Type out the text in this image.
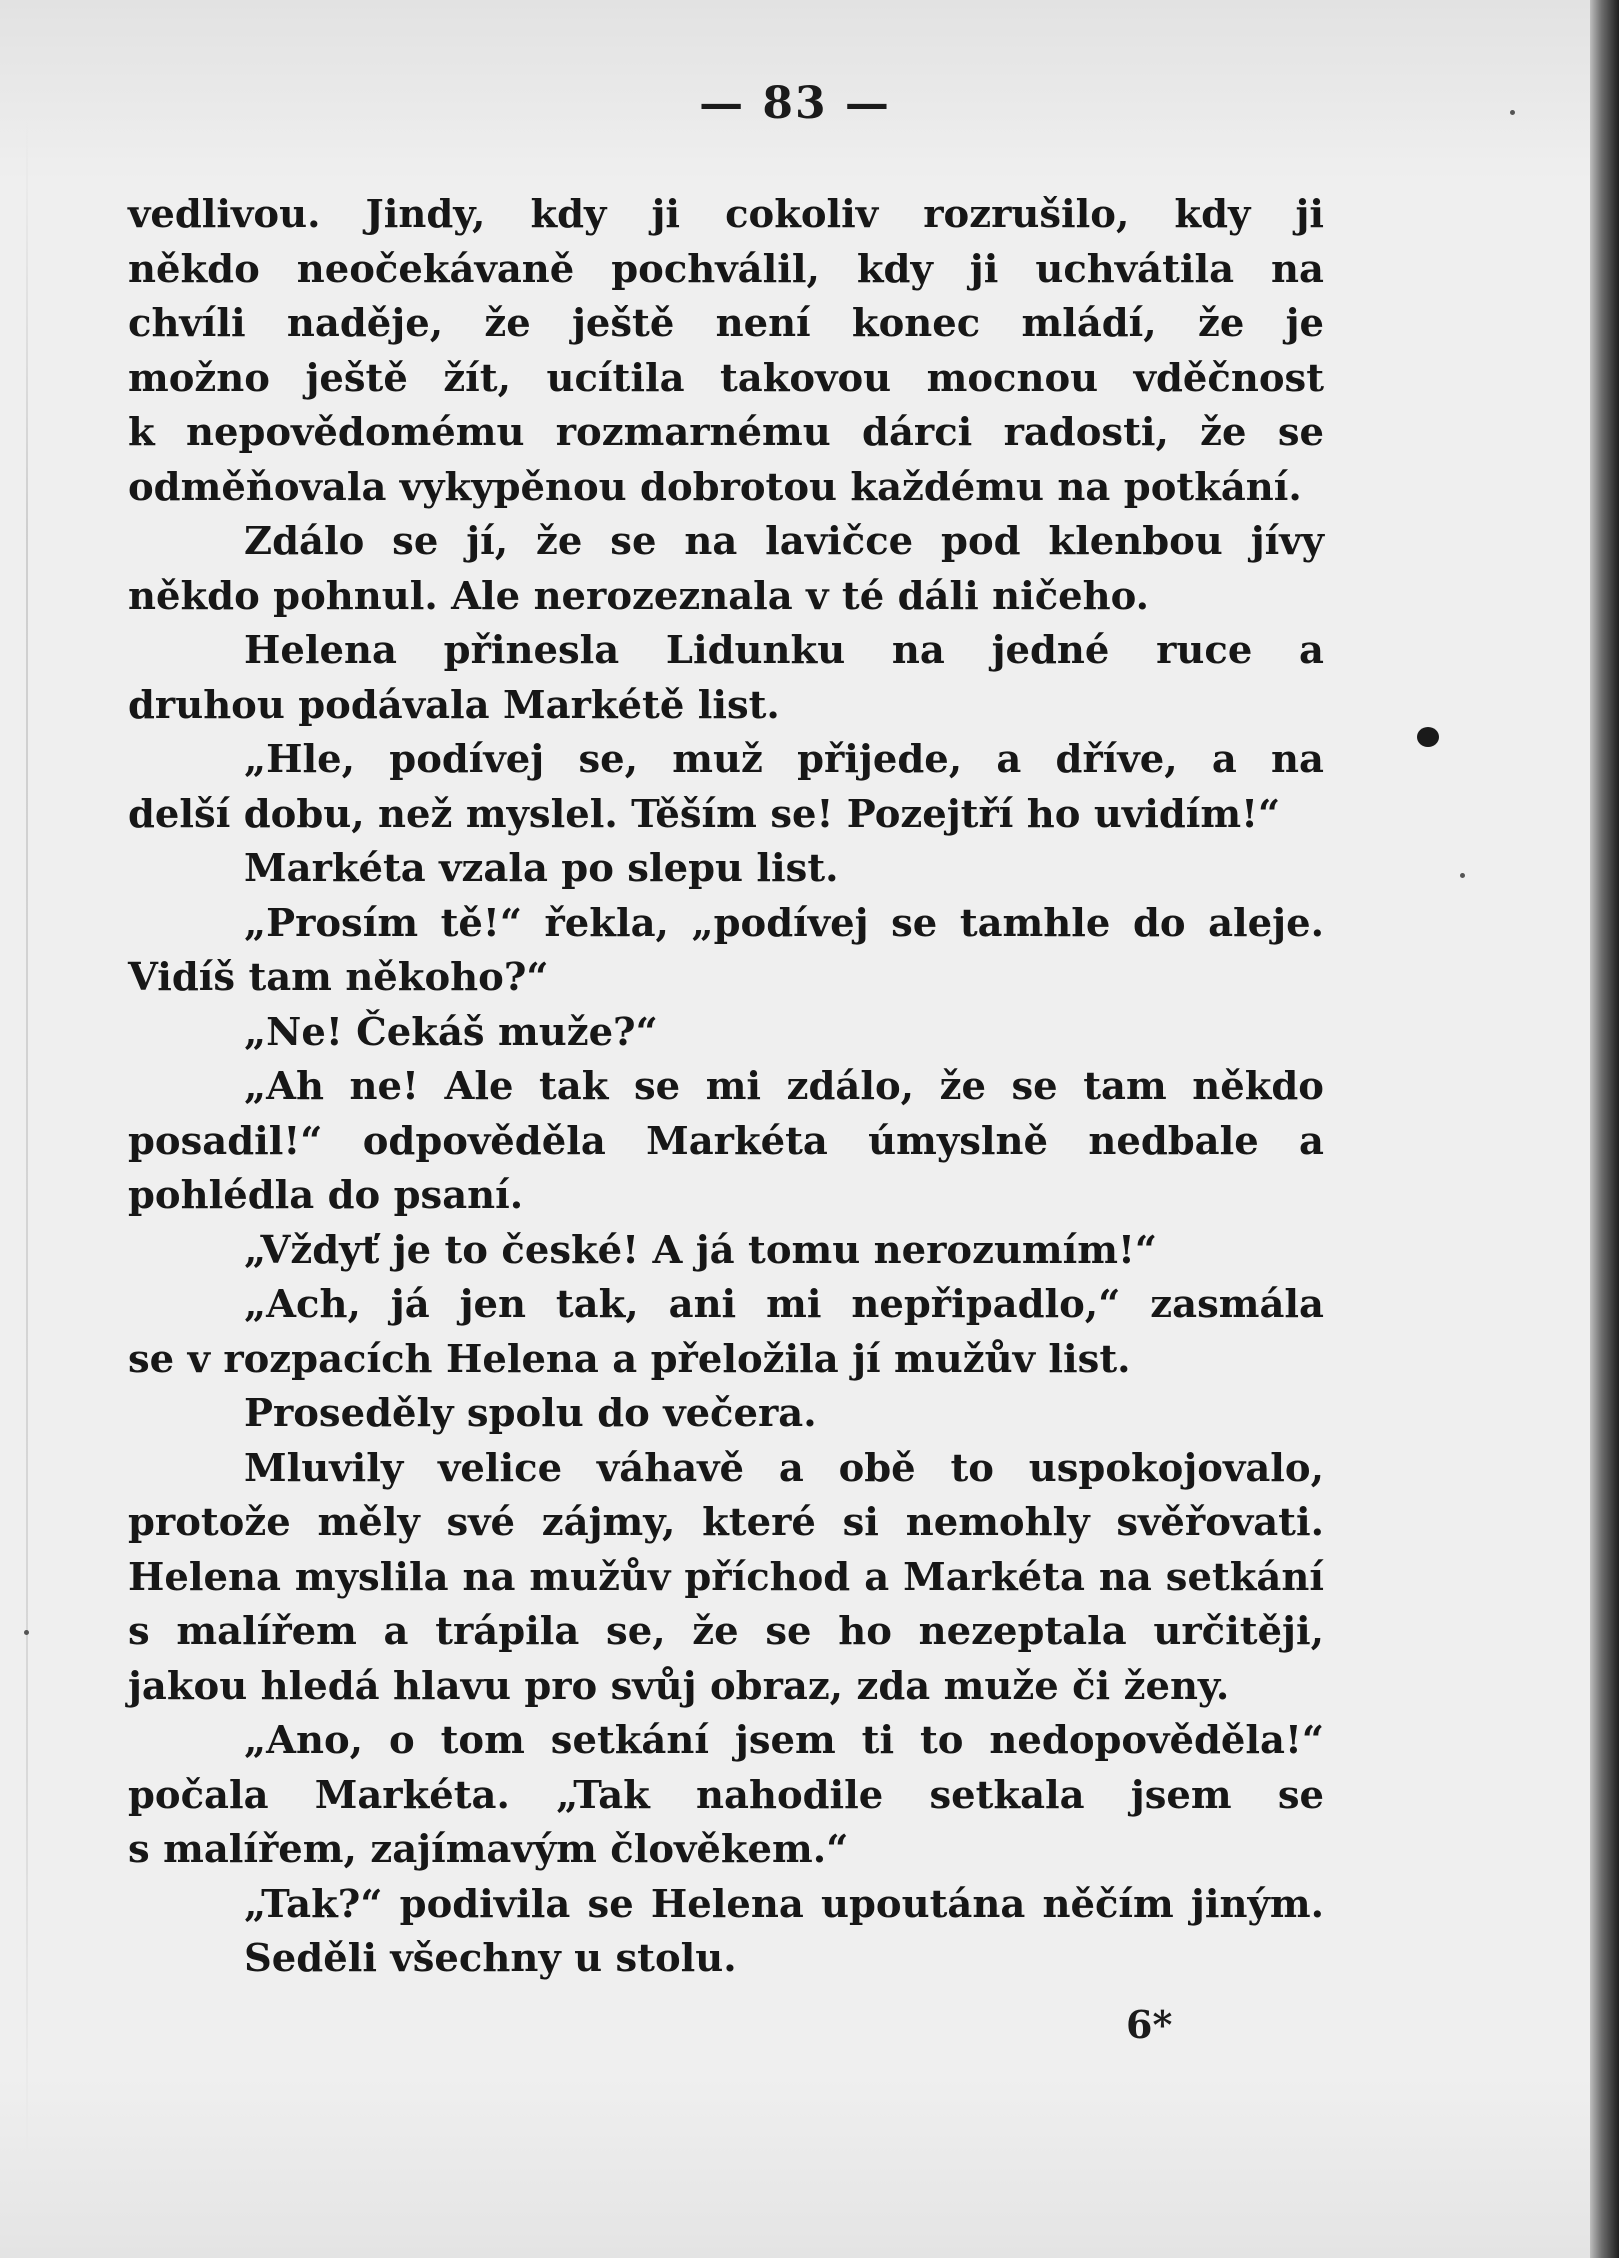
— 83 —
vedlivou. Jindy, kdy ji cokoliv rozrušilo, kdy ji
někdo neočekávaně pochválil, kdy ji uchvátila na
chvíli naděje, že ještě není konec mládí, že je
možno ještě žít, ucítila takovou mocnou vděčnost
k nepovědomému rozmarnému dárci radosti, že se
odměňovala vykypěnou dobrotou každému na potkání.
Zdálo se jí, že se na lavičce pod klenbou jívy
někdo pohnul. Ale nerozeznala v té dáli ničeho.
Helena přinesla Lidunku na jedné ruce a
druhou podávala Markétě list.
„Hle, podívej se, muž přijede, a dříve, a na
delší dobu, než myslel. Těším se! Pozejtří ho uvidím!“
Markéta vzala po slepu list.
„Prosím tě!“ řekla, „podívej se tamhle do aleje.
Vidíš tam někoho?“
„Ne! Čekáš muže?“
„Ah ne! Ale tak se mi zdálo, že se tam někdo
posadil!“ odpověděla Markéta úmyslně nedbale a
pohlédla do psaní.
„Vždyť je to české! A já tomu nerozumím!“
„Ach, já jen tak, ani mi nepřipadlo,“ zasmála
se v rozpacích Helena a přeložila jí mužův list.
Proseděly spolu do večera.
Mluvily velice váhavě a obě to uspokojovalo,
protože měly své zájmy, které si nemohly svěřovati.
Helena myslila na mužův příchod a Markéta na setkání
s malířem a trápila se, že se ho nezeptala určitěji,
jakou hledá hlavu pro svůj obraz, zda muže či ženy.
„Ano, o tom setkání jsem ti to nedopověděla!“
počala Markéta. „Tak nahodile setkala jsem se
s malířem, zajímavým člověkem.“
„Tak?“ podivila se Helena upoutána něčím jiným.
Seděli všechny u stolu.
6*
